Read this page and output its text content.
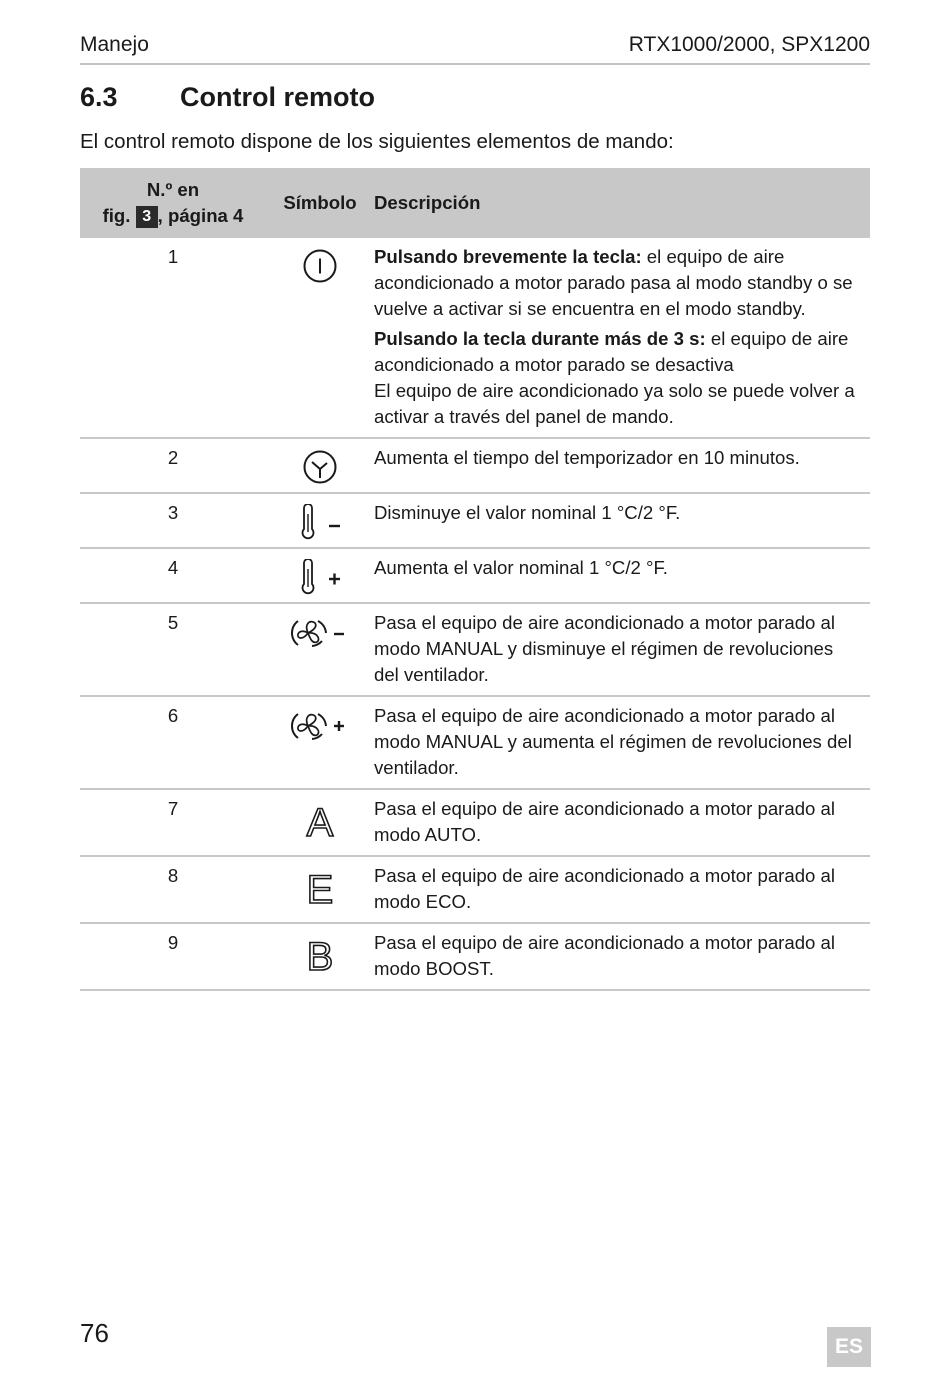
Manejo	RTX1000/2000, SPX1200
6.3 Control remoto
El control remoto dispone de los siguientes elementos de mando:
N.º en
fig. 3 , página 4	Símbolo	Descripción
1		Pulsando brevemente la tecla: el equipo de aire acondicionado a motor parado pasa al modo standby o se vuelve a activar si se encuentra en el modo standby.

Pulsando la tecla durante más de 3 s: el equipo de aire acondicionado a motor parado se desactiva
El equipo de aire acondicionado ya solo se puede volver a activar a través del panel de mando.

2		Aumenta el tiempo del temporizador en 10 minutos.
3		Disminuye el valor nominal 1 °C/2 °F.
4		Aumenta el valor nominal 1 °C/2 °F.
5		Pasa el equipo de aire acondicionado a motor parado al modo MANUAL y disminuye el régimen de revoluciones del ventilador.
6		Pasa el equipo de aire acondicionado a motor parado al modo MANUAL y aumenta el régimen de revoluciones del ventilador.
7	A	Pasa el equipo de aire acondicionado a motor parado al modo AUTO.
8	E	Pasa el equipo de aire acondicionado a motor parado al modo ECO.
9	B	Pasa el equipo de aire acondicionado a motor parado al modo BOOST.
76	ES
